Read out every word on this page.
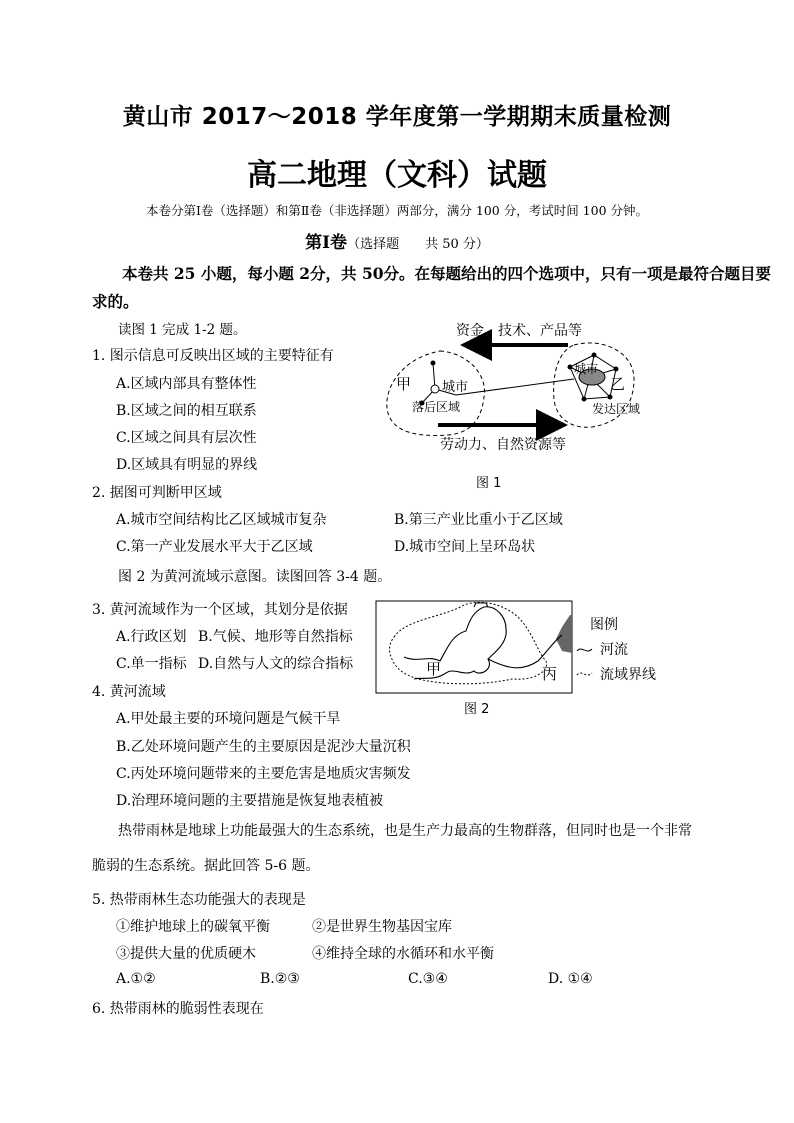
黄山市 2017～2018 学年度第一学期期末质量检测
高二地理（文科）试题
本卷分第Ⅰ卷（选择题）和第Ⅱ卷（非选择题）两部分，满分 100 分，考试时间 100 分钟。
第Ⅰ卷（选择题　　共 50 分）
本卷共 25 小题，每小题 2分，共 50分。在每题给出的四个选项中，只有一项是最符合题目要
求的。
读图 1 完成 1-2 题。
1. 图示信息可反映出区域的主要特征有
A.区域内部具有整体性
B.区域之间的相互联系
C.区域之间具有层次性
D.区域具有明显的界线
资金、技术、产品等
甲 城市
落后区域
城市
乙
发达区域
劳动力、自然资源等
图 1
2. 据图可判断甲区域
A.城市空间结构比乙区域城市复杂	B.第三产业比重小于乙区域
C.第一产业发展水平大于乙区域	D.城市空间上呈环岛状
图 2 为黄河流域示意图。读图回答 3-4 题。
3. 黄河流域作为一个区域，其划分是依据
A.行政区划 B.气候、地形等自然指标
C.单一指标 D.自然与人文的综合指标	甲	丙
图例
河流
流域界线
图 2
4. 黄河流域
A.甲处最主要的环境问题是气候干旱
B.乙处环境问题产生的主要原因是泥沙大量沉积
C.丙处环境问题带来的主要危害是地质灾害频发
D.治理环境问题的主要措施是恢复地表植被
热带雨林是地球上功能最强大的生态系统，也是生产力最高的生物群落，但同时也是一个非常
脆弱的生态系统。据此回答 5-6 题。
5. 热带雨林生态功能强大的表现是
①维护地球上的碳氧平衡	②是世界生物基因宝库
③提供大量的优质硬木	④维持全球的水循环和水平衡
A.①②	B.②③	C.③④	D. ①④
6. 热带雨林的脆弱性表现在
